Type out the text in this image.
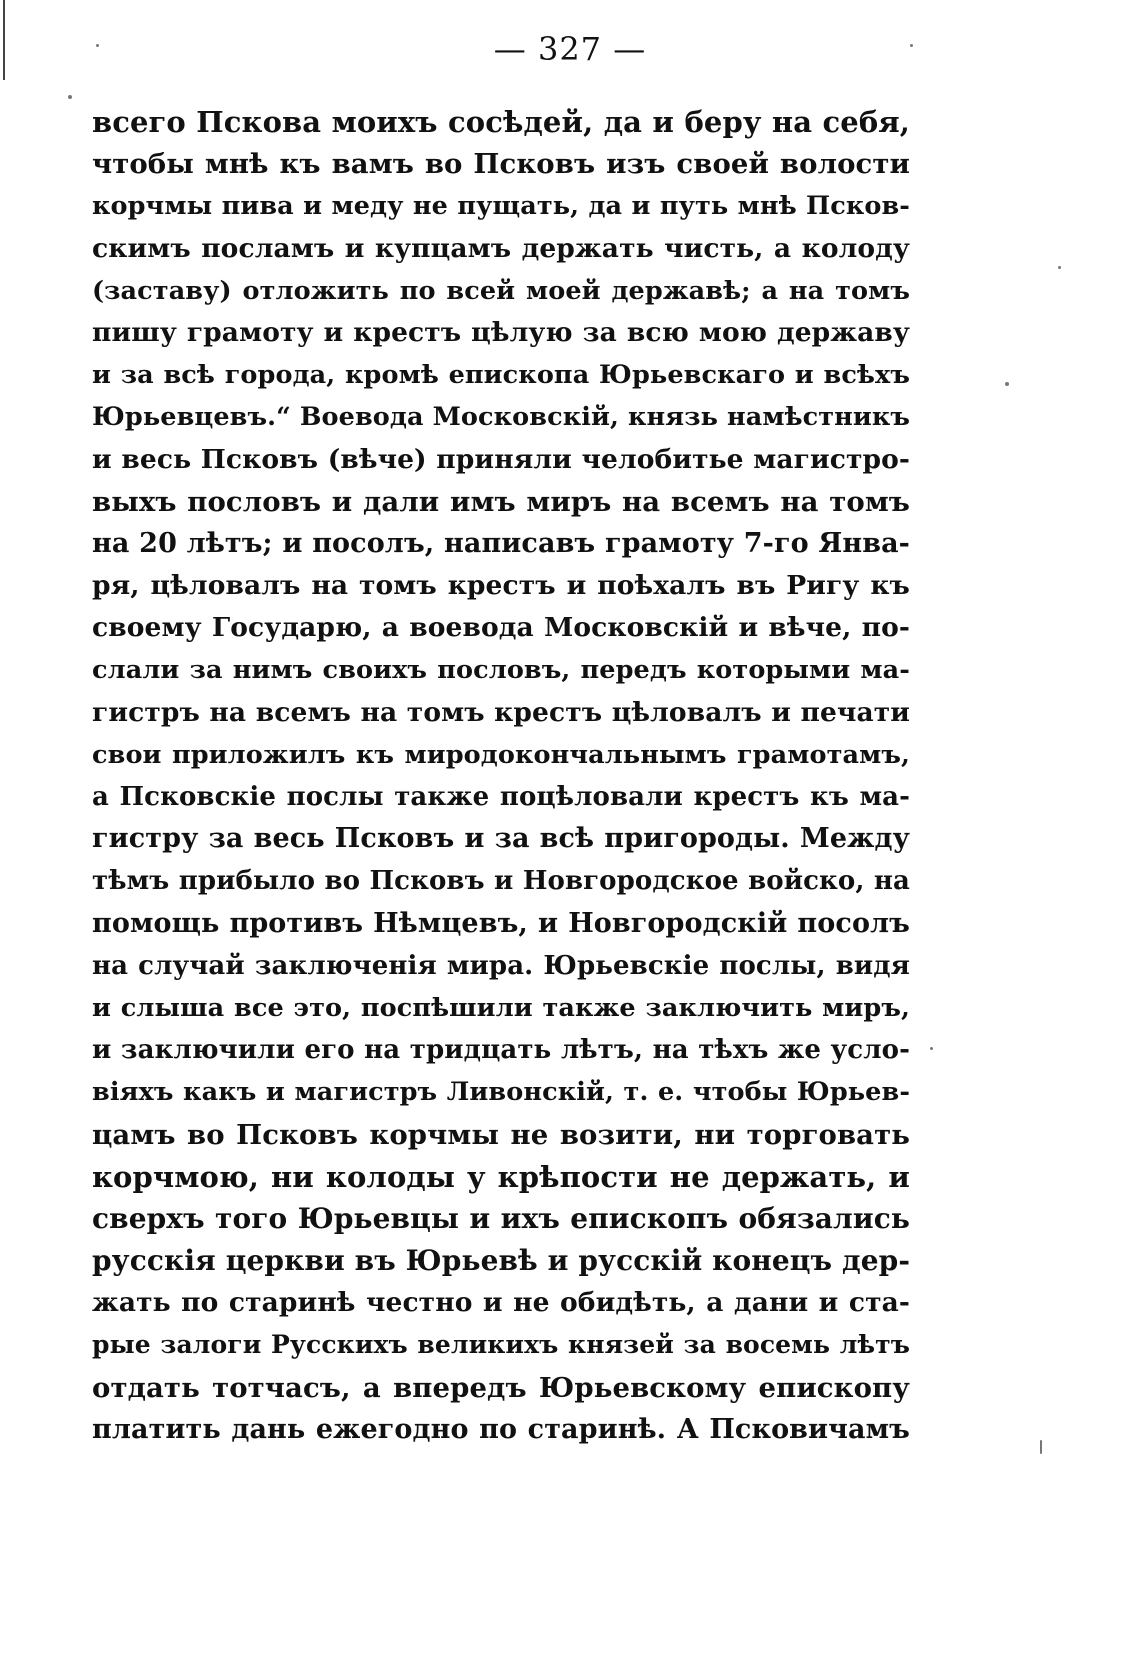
— 327 —
всего Пскова моихъ сосѣдей, да и беру на себя,
чтобы мнѣ къ вамъ во Псковъ изъ своей волости
корчмы пива и меду не пущать, да и путь мнѣ Псков-
скимъ посламъ и купцамъ держать чисть, а колоду
(заставу) отложить по всей моей державѣ; а на томъ
пишу грамоту и крестъ цѣлую за всю мою державу
и за всѣ города, кромѣ епископа Юрьевскаго и всѣхъ
Юрьевцевъ.“ Воевода Московскій, князь намѣстникъ
и весь Псковъ (вѣче) приняли челобитье магистро-
выхъ пословъ и дали имъ миръ на всемъ на томъ
на 20 лѣтъ; и посолъ, написавъ грамоту 7-го Янва-
ря, цѣловалъ на томъ крестъ и поѣхалъ въ Ригу къ
своему Государю, а воевода Московскій и вѣче, по-
слали за нимъ своихъ пословъ, передъ которыми ма-
гистръ на всемъ на томъ крестъ цѣловалъ и печати
свои приложилъ къ миродокончальнымъ грамотамъ,
а Псковскіе послы также поцѣловали крестъ къ ма-
гистру за весь Псковъ и за всѣ пригороды. Между
тѣмъ прибыло во Псковъ и Новгородское войско, на
помощь противъ Нѣмцевъ, и Новгородскій посолъ
на случай заключенія мира. Юрьевскіе послы, видя
и слыша все это, поспѣшили также заключить миръ,
и заключили его на тридцать лѣтъ, на тѣхъ же усло-
віяхъ какъ и магистръ Ливонскій, т. е. чтобы Юрьев-
цамъ во Псковъ корчмы не возити, ни торговать
корчмою, ни колоды у крѣпости не держать, и
сверхъ того Юрьевцы и ихъ епископъ обязались
русскія церкви въ Юрьевѣ и русскій конецъ дер-
жать по старинѣ честно и не обидѣть, а дани и ста-
рые залоги Русскихъ великихъ князей за восемь лѣтъ
отдать тотчасъ, а впередъ Юрьевскому епископу
платить дань ежегодно по старинѣ. А Псковичамъ
